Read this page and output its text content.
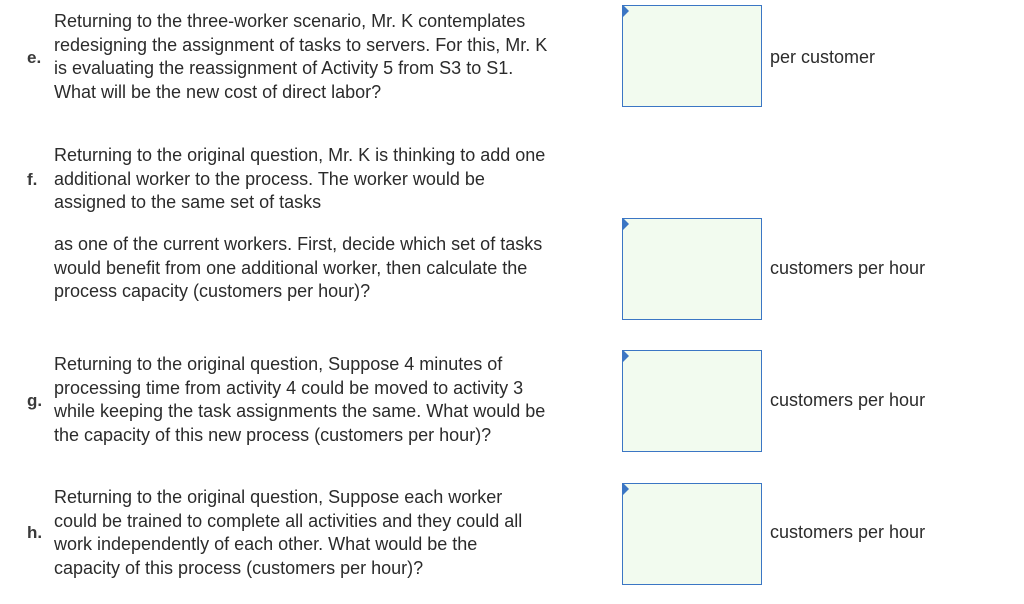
e.
Returning to the three-worker scenario, Mr. K contemplates
redesigning the assignment of tasks to servers. For this, Mr. K
is evaluating the reassignment of Activity 5 from S3 to S1.
What will be the new cost of direct labor?
per customer
f.
Returning to the original question, Mr. K is thinking to add one
additional worker to the process. The worker would be
assigned to the same set of tasks
as one of the current workers. First, decide which set of tasks
would benefit from one additional worker, then calculate the
process capacity (customers per hour)?
customers per hour
g.
Returning to the original question, Suppose 4 minutes of
processing time from activity 4 could be moved to activity 3
while keeping the task assignments the same. What would be
the capacity of this new process (customers per hour)?
customers per hour
h.
Returning to the original question, Suppose each worker
could be trained to complete all activities and they could all
work independently of each other. What would be the
capacity of this process (customers per hour)?
customers per hour
